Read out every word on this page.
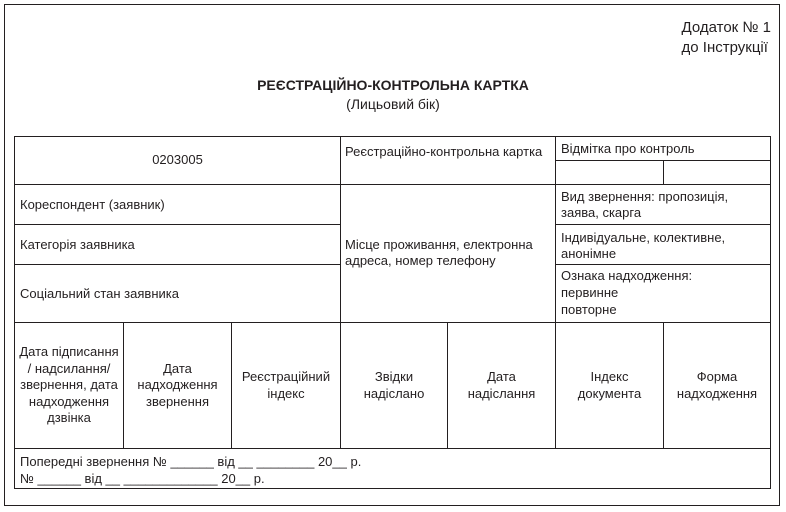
Додаток № 1
до Інструкції
РЕЄСТРАЦІЙНО-КОНТРОЛЬНА КАРТКА
(Лицьовий бік)
0203005
Реєстраційно-контрольна картка Відмітка про контроль
Кореспондент (заявник)
Категорія заявника
Соціальний стан заявника
Місце проживання, електронна адреса, номер телефону
Вид звернення: пропозиція, заява, скарга
Індивідуальне, колективне, анонімне
Ознака надходження:
первинне
повторне
Дата підписання / надсилання/ звернення, дата надходження дзвінка
Дата надходження звернення
Реєстраційний індекс
Звідки надіслано
Дата надіслання
Індекс документа
Форма надходження
Попередні звернення № ______ від __ ________ 20__ р.
№ ______ від __ _____________ 20__ р.
